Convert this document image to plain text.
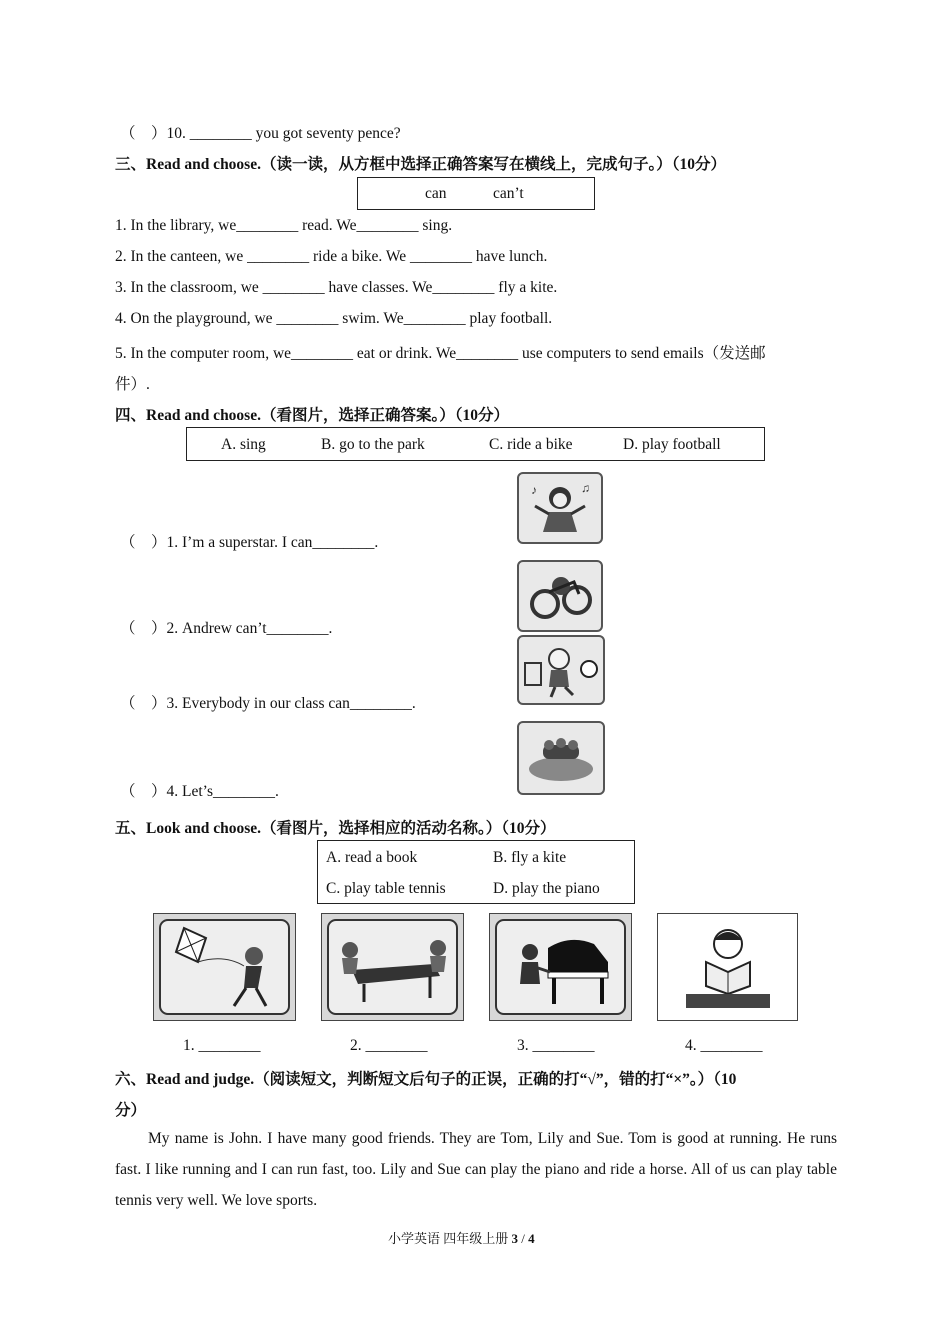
（　）10. ________ you got seventy pence?
三、Read and choose.（读一读，从方框中选择正确答案写在横线上，完成句子。）（10分）
can	can’t
1. In the library, we________ read. We________ sing.
2. In the canteen, we ________ ride a bike. We ________ have lunch.
3. In the classroom, we ________ have classes. We________ fly a kite.
4. On the playground, we ________ swim. We________ play football.
5. In the computer room, we________ eat or drink. We________ use computers to send emails（发送邮
件）.
四、Read and choose.（看图片，选择正确答案。）（10分）
A. sing	B. go to the park	C. ride a bike	D. play football
♪	♫
（　）1. I’m a superstar. I can________.
（　）2. Andrew can’t________.
（　）3. Everybody in our class can________.
（　）4. Let’s________.
五、Look and choose.（看图片，选择相应的活动名称。）（10分）
A. read a book	B. fly a kite
C. play table tennis	D. play the piano
1. ________	2. ________	3. ________	4. ________
六、Read and judge.（阅读短文，判断短文后句子的正误，正确的打“√”，错的打“×”。）（10
分）
My name is John. I have many good friends. They are Tom, Lily and Sue. Tom is good at running. He runs fast. I like running and I can run fast, too. Lily and Sue can play the piano and ride a horse. All of us can play table tennis very well. We love sports.
小学英语 四年级上册 3 / 4
